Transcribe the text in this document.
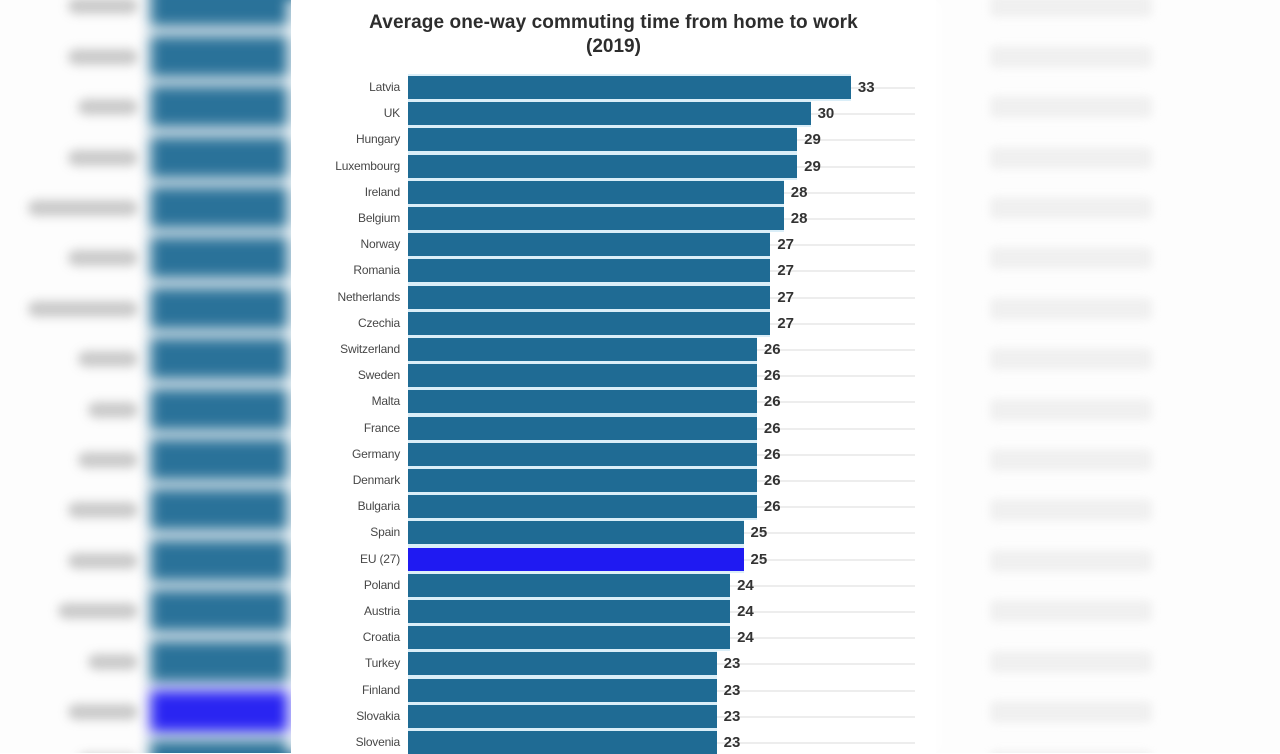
Average one-way commuting time from home to work
(2019)
Latvia	33
UK	30
Hungary	29
Luxembourg	29
Ireland	28
Belgium	28
Norway	27
Romania	27
Netherlands	27
Czechia	27
Switzerland	26
Sweden	26
Malta	26
France	26
Germany	26
Denmark	26
Bulgaria	26
Spain	25
EU (27)	25
Poland	24
Austria	24
Croatia	24
Turkey	23
Finland	23
Slovakia	23
Slovenia	23
